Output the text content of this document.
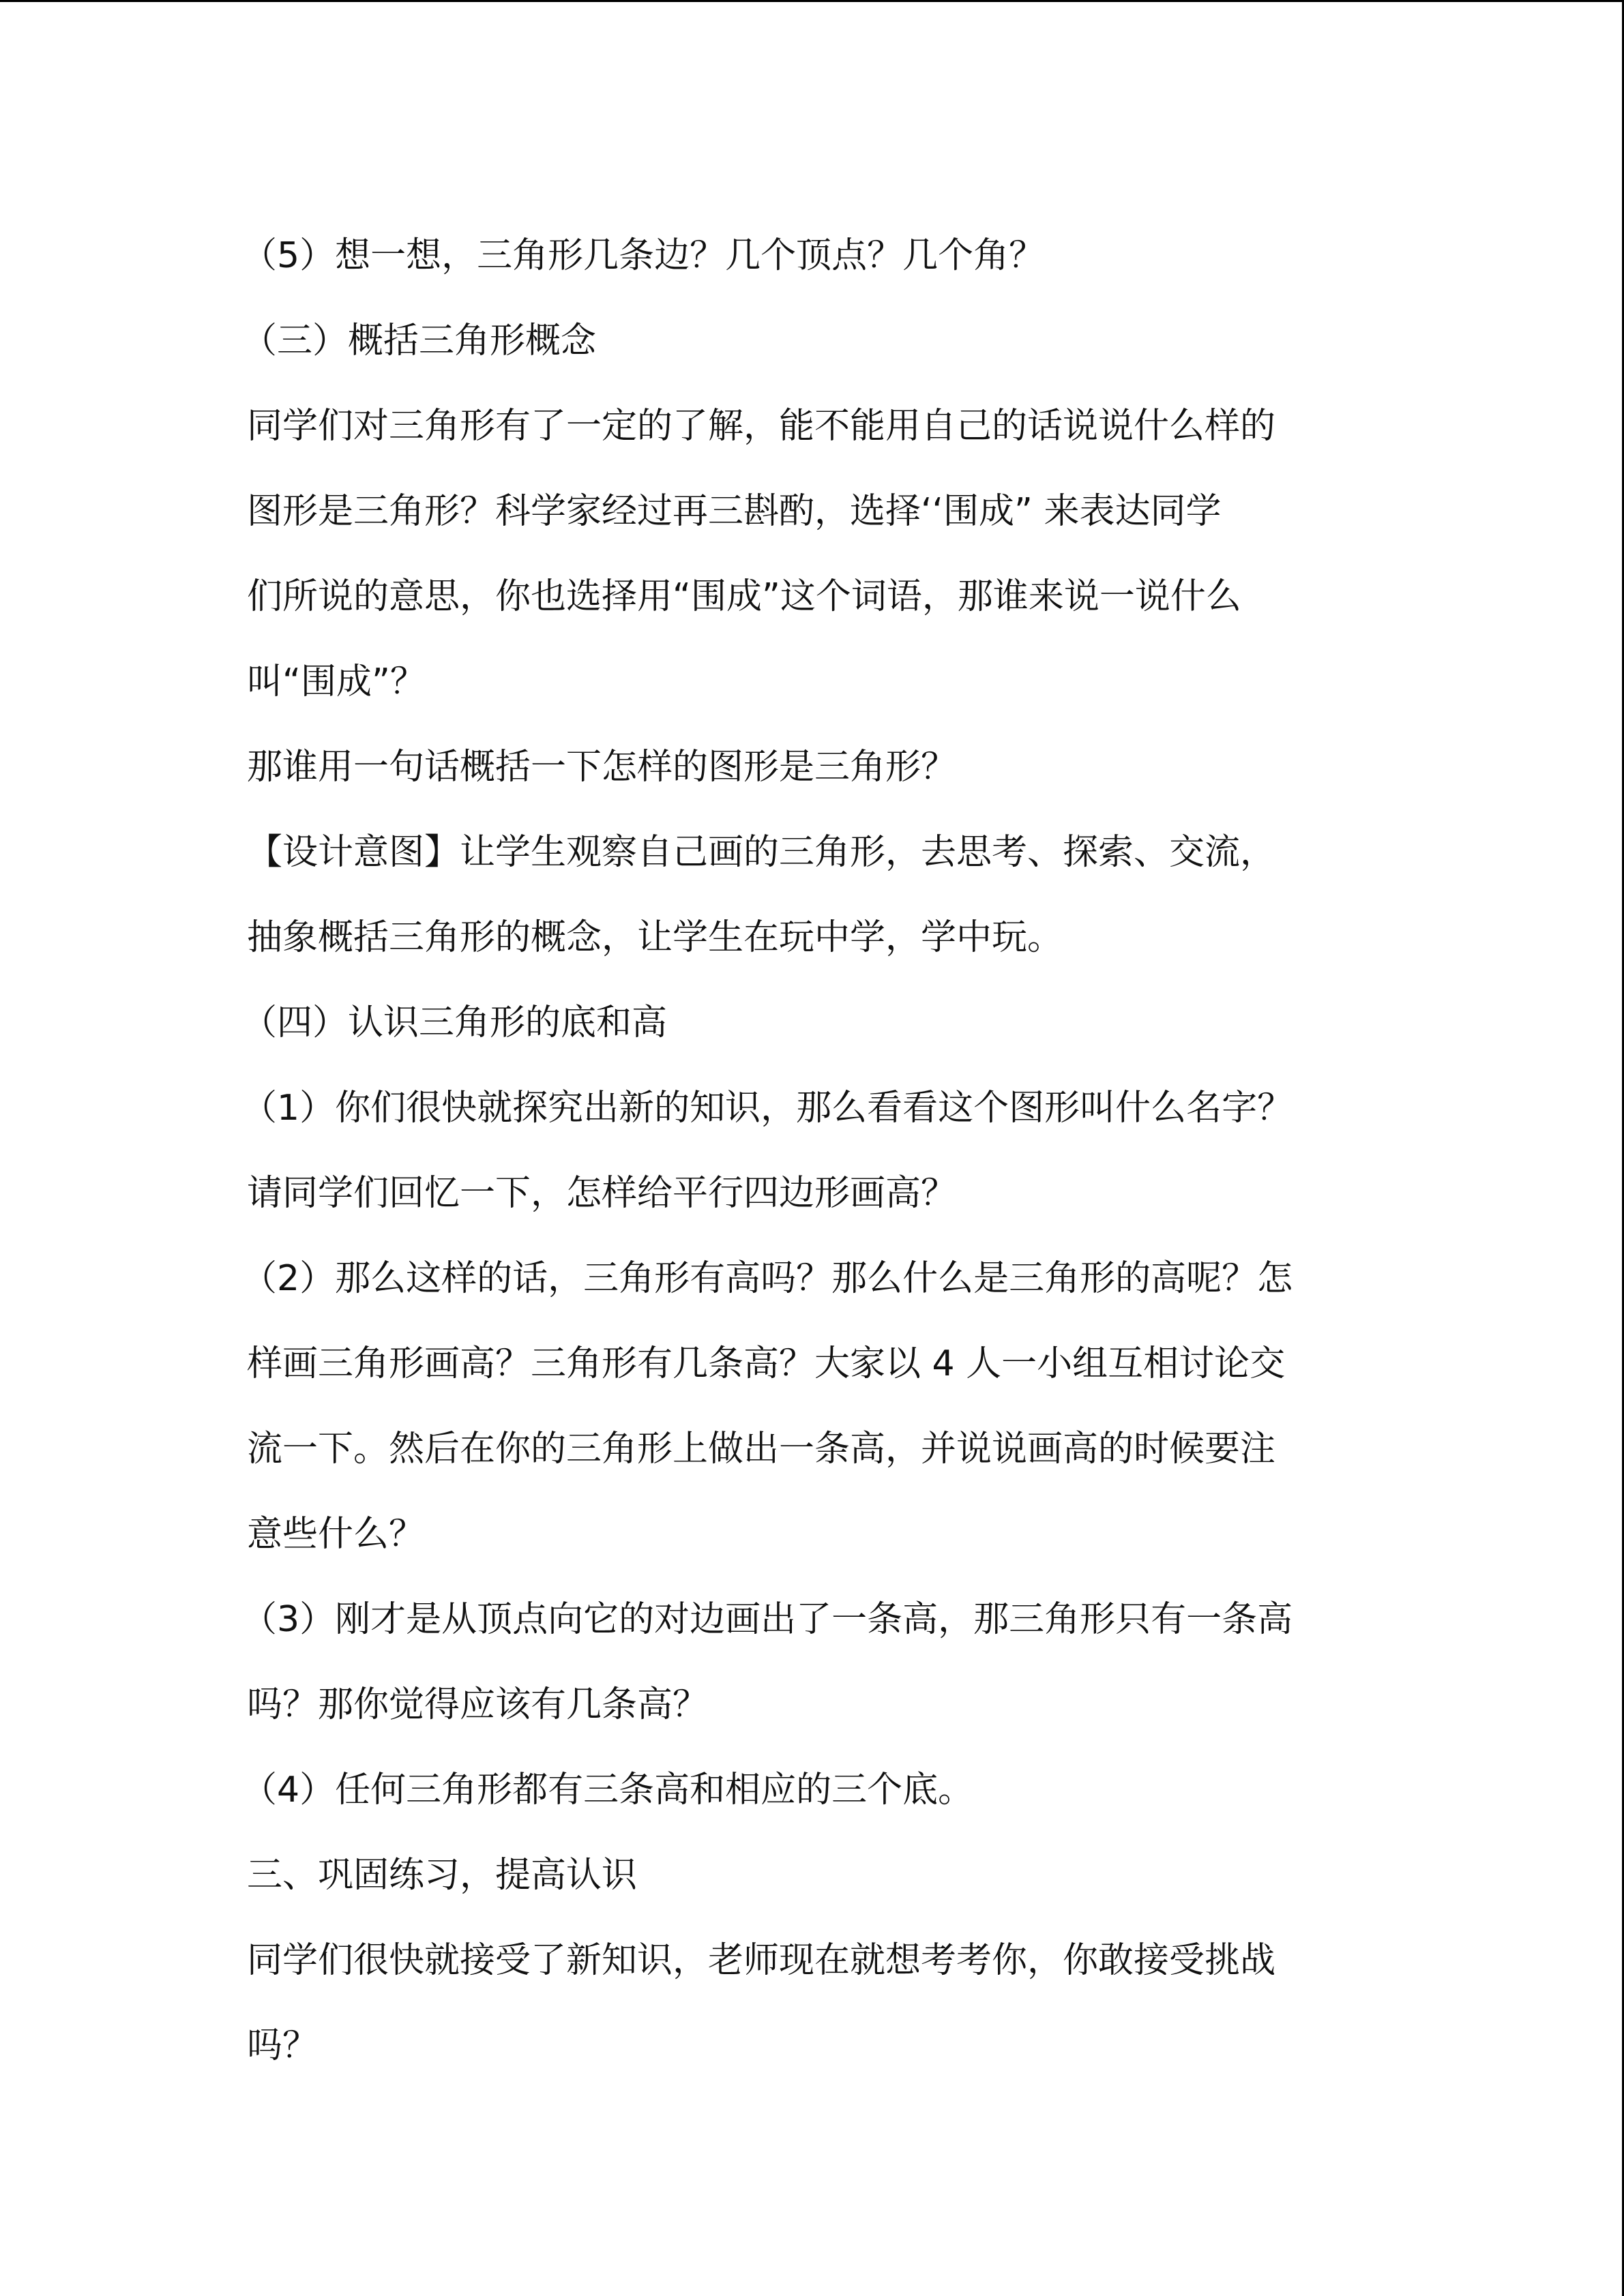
（5）想一想，三角形几条边？几个顶点？几个角？
（三）概括三角形概念
同学们对三角形有了一定的了解，能不能用自己的话说说什么样的
图形是三角形？科学家经过再三斟酌，选择‘‘围成” 来表达同学
们所说的意思，你也选择用“围成”这个词语，那谁来说一说什么
叫“围成”？
那谁用一句话概括一下怎样的图形是三角形？
【设计意图】让学生观察自己画的三角形，去思考、探索、交流，
抽象概括三角形的概念，让学生在玩中学，学中玩。
（四）认识三角形的底和高
（1）你们很快就探究出新的知识，那么看看这个图形叫什么名字？
请同学们回忆一下，怎样给平行四边形画高？
（2）那么这样的话，三角形有高吗？那么什么是三角形的高呢？怎
样画三角形画高？三角形有几条高？大家以 4 人一小组互相讨论交
流一下。然后在你的三角形上做出一条高，并说说画高的时候要注
意些什么？
（3）刚才是从顶点向它的对边画出了一条高，那三角形只有一条高
吗？那你觉得应该有几条高？
（4）任何三角形都有三条高和相应的三个底。
三、巩固练习，提高认识
同学们很快就接受了新知识，老师现在就想考考你，你敢接受挑战
吗？
